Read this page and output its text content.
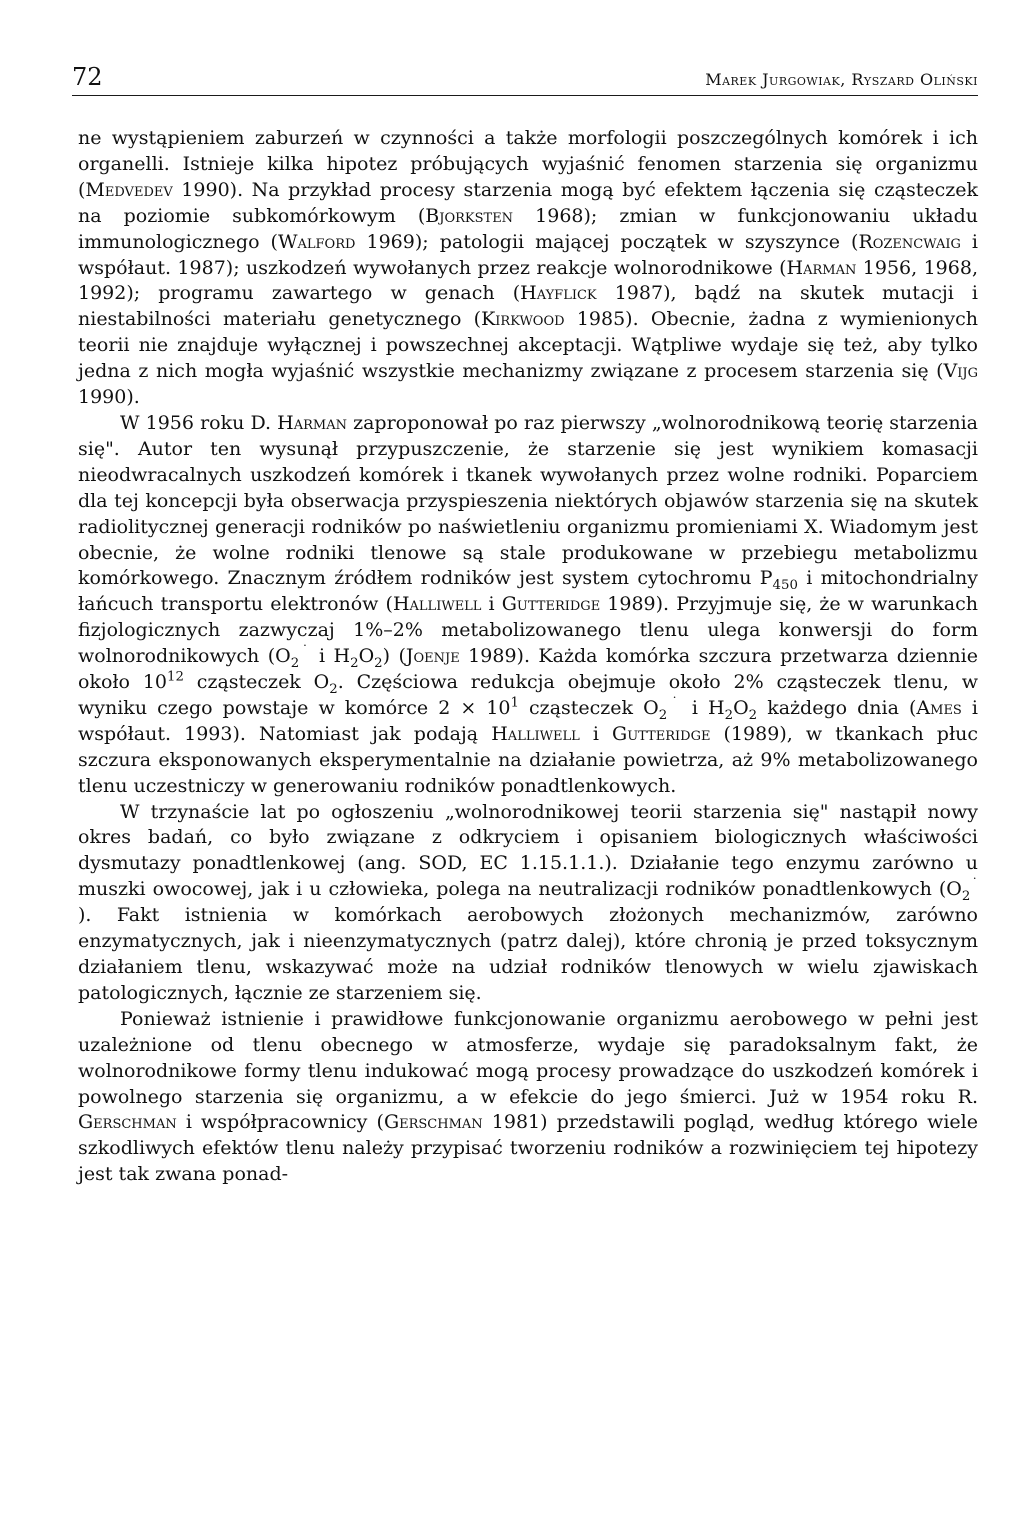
72	Marek Jurgowiak, Ryszard Oliński

ne wystąpieniem zaburzeń w czynności a także morfologii poszczególnych komórek i ich organelli. Istnieje kilka hipotez próbujących wyjaśnić fenomen starzenia się organizmu (Medvedev 1990). Na przykład procesy starzenia mogą być efektem łączenia się cząsteczek na poziomie subkomórkowym (Bjorksten 1968); zmian w funkcjonowaniu układu immunologicznego (Walford 1969); patologii mającej początek w szyszynce (Rozencwaig i współaut. 1987); uszkodzeń wywołanych przez reakcje wolnorodnikowe (Harman 1956, 1968, 1992); programu zawartego w genach (Hayflick 1987), bądź na skutek mutacji i niestabilności materiału genetycznego (Kirkwood 1985). Obecnie, żadna z wymienionych teorii nie znajduje wyłącznej i powszechnej akceptacji. Wątpliwe wydaje się też, aby tylko jedna z nich mogła wyjaśnić wszystkie mechanizmy związane z procesem starzenia się (Vijg 1990).

W 1956 roku D. Harman zaproponował po raz pierwszy „wolnorodnikową teorię starzenia się". Autor ten wysunął przypuszczenie, że starzenie się jest wynikiem komasacji nieodwracalnych uszkodzeń komórek i tkanek wywołanych przez wolne rodniki. Poparciem dla tej koncepcji była obserwacja przyspieszenia niektórych objawów starzenia się na skutek radiolitycznej generacji rodników po naświetleniu organizmu promieniami X. Wiadomym jest obecnie, że wolne rodniki tlenowe są stale produkowane w przebiegu metabolizmu komórkowego. Znacznym źródłem rodników jest system cytochromu $P_{450}$ i mitochondrialny łańcuch transportu elektronów (Halliwell i Gutteridge 1989). Przyjmuje się, że w warunkach fizjologicznych zazwyczaj 1%–2% metabolizowanego tlenu ulega konwersji do form wolnorodnikowych ($O_2^˙$ i $H_2O_2$) (Joenje 1989). Każda komórka szczura przetwarza dziennie około $10^{12}$ cząsteczek $O_2$. Częściowa redukcja obejmuje około 2% cząsteczek tlenu, w wyniku czego powstaje w komórce $2 \times 10^1$ cząsteczek $O_2^˙$ i $H_2O_2$ każdego dnia (Ames i współaut. 1993). Natomiast jak podają Halliwell i Gutteridge (1989), w tkankach płuc szczura eksponowanych eksperymentalnie na działanie powietrza, aż 9% metabolizowanego tlenu uczestniczy w generowaniu rodników ponadtlenkowych.

W trzynaście lat po ogłoszeniu „wolnorodnikowej teorii starzenia się" nastąpił nowy okres badań, co było związane z odkryciem i opisaniem biologicznych właściwości dysmutazy ponadtlenkowej (ang. SOD, EC 1.15.1.1.). Działanie tego enzymu zarówno u muszki owocowej, jak i u człowieka, polega na neutralizacji rodników ponadtlenkowych ($O_2^˙$ ). Fakt istnienia w komórkach aerobowych złożonych mechanizmów, zarówno enzymatycznych, jak i nieenzymatycznych (patrz dalej), które chronią je przed toksycznym działaniem tlenu, wskazywać może na udział rodników tlenowych w wielu zjawiskach patologicznych, łącznie ze starzeniem się.

Ponieważ istnienie i prawidłowe funkcjonowanie organizmu aerobowego w pełni jest uzależnione od tlenu obecnego w atmosferze, wydaje się paradoksalnym fakt, że wolnorodnikowe formy tlenu indukować mogą procesy prowadzące do uszkodzeń komórek i powolnego starzenia się organizmu, a w efekcie do jego śmierci. Już w 1954 roku R. Gerschman i współpracownicy (Gerschman 1981) przedstawili pogląd, według którego wiele szkodliwych efektów tlenu należy przypisać tworzeniu rodników a rozwinięciem tej hipotezy jest tak zwana ponad-
